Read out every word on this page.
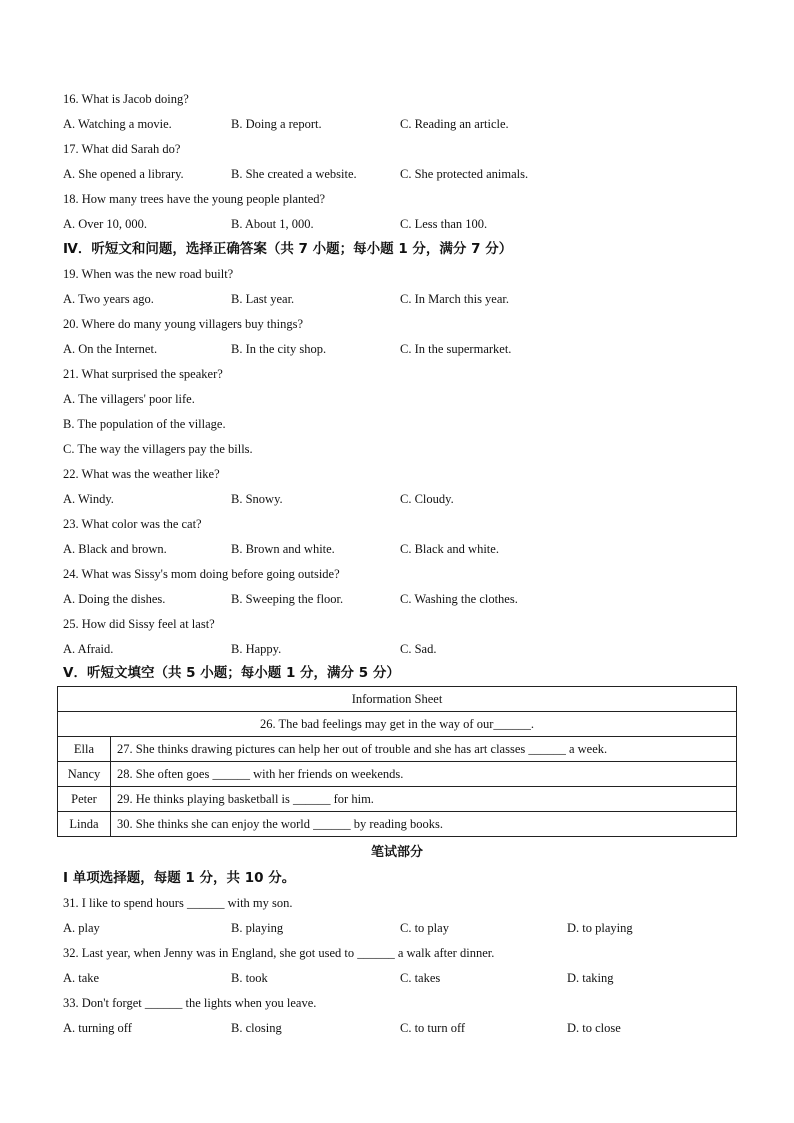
16. What is Jacob doing?
A. Watching a movie.	B. Doing a report.	C. Reading an article.
17. What did Sarah do?
A. She opened a library.	B. She created a website.	C. She protected animals.
18. How many trees have the young people planted?
A. Over 10, 000.	B. About 1, 000.	C. Less than 100.
Ⅳ．听短文和问题，选择正确答案（共 7 小题；每小题 1 分，满分 7 分）
19. When was the new road built?
A. Two years ago.	B. Last year.	C. In March this year.
20. Where do many young villagers buy things?
A. On the Internet.	B. In the city shop.	C. In the supermarket.
21. What surprised the speaker?
A. The villagers' poor life.
B. The population of the village.
C. The way the villagers pay the bills.
22. What was the weather like?
A. Windy.	B. Snowy.	C. Cloudy.
23. What color was the cat?
A. Black and brown.	B. Brown and white.	C. Black and white.
24. What was Sissy's mom doing before going outside?
A. Doing the dishes.	B. Sweeping the floor.	C. Washing the clothes.
25. How did Sissy feel at last?
A. Afraid.	B. Happy.	C. Sad.
Ⅴ．听短文填空（共 5 小题；每小题 1 分，满分 5 分）
Information Sheet	
26. The bad feelings may get in the way of our______.	
Ella	27. She thinks drawing pictures can help her out of trouble and she has art classes ______ a week.
Nancy	28. She often goes ______ with her friends on weekends.
Peter	29. He thinks playing basketball is ______ for him.
Linda	30. She thinks she can enjoy the world ______ by reading books.
笔试部分
Ⅰ 单项选择题，每题 1 分，共 10 分。
31. I like to spend hours ______ with my son.
A. play	B. playing	C. to play	D. to playing
32. Last year, when Jenny was in England, she got used to ______ a walk after dinner.
A. take	B. took	C. takes	D. taking
33. Don't forget ______ the lights when you leave.
A. turning off	B. closing	C. to turn off	D. to close
